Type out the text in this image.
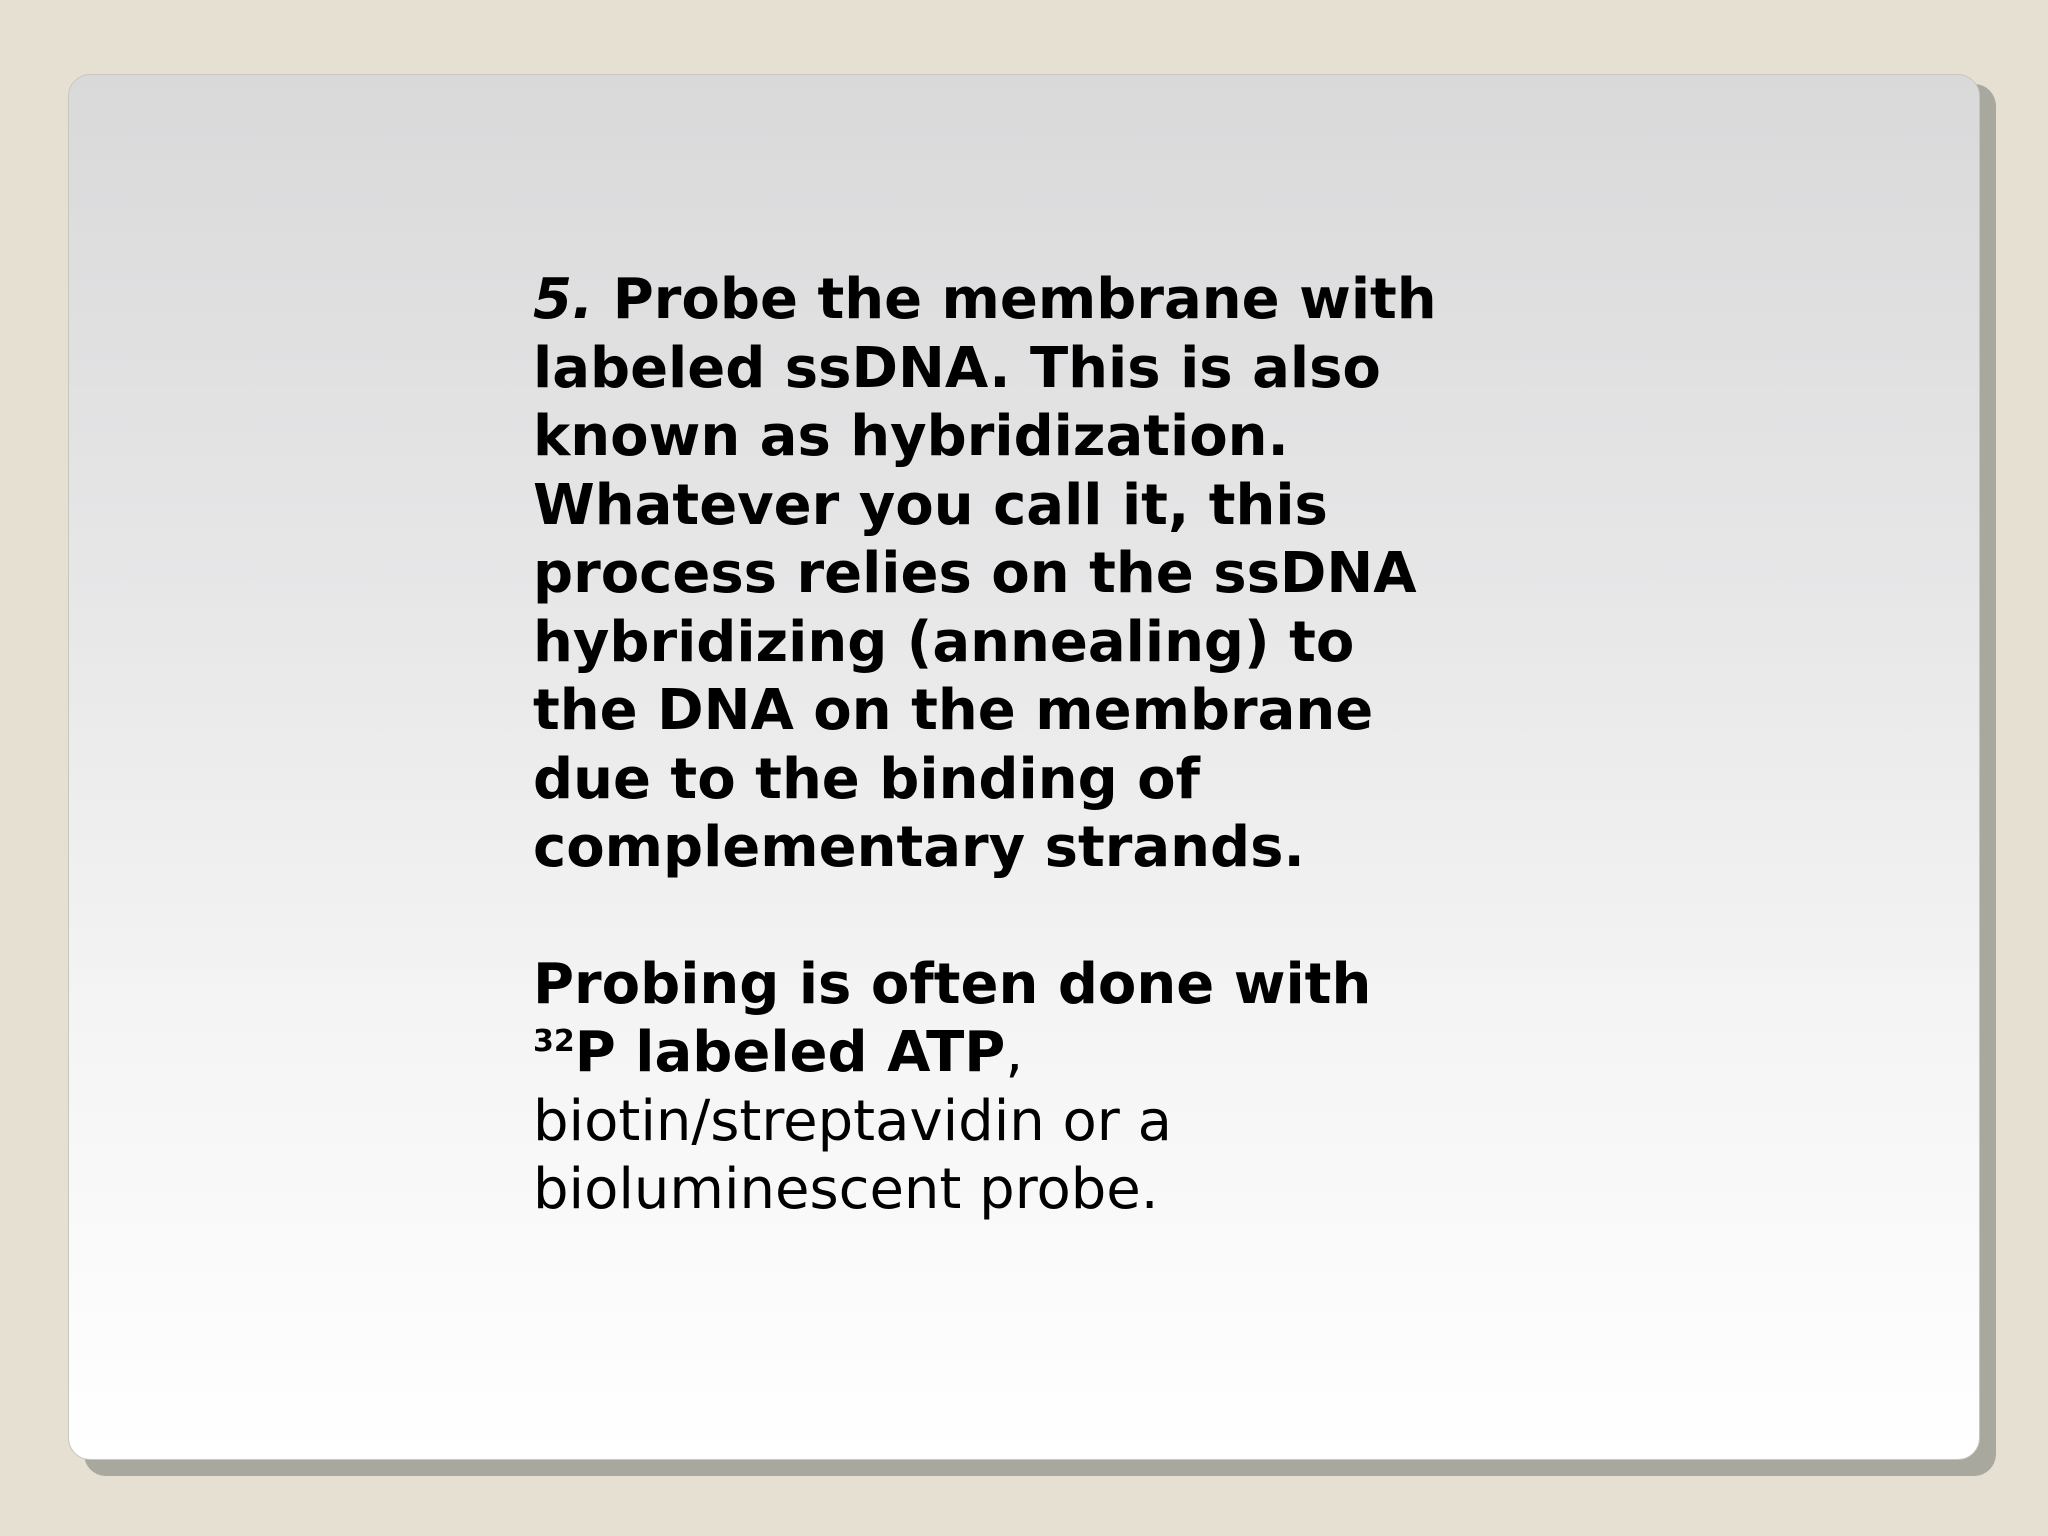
5. Probe the membrane with
labeled ssDNA. This is also
known as hybridization.
Whatever you call it, this
process relies on the ssDNA
hybridizing (annealing) to
the DNA on the membrane
due to the binding of
complementary strands.
Probing is often done with
$^{32}$P labeled ATP,
biotin/streptavidin or a
bioluminescent probe.
